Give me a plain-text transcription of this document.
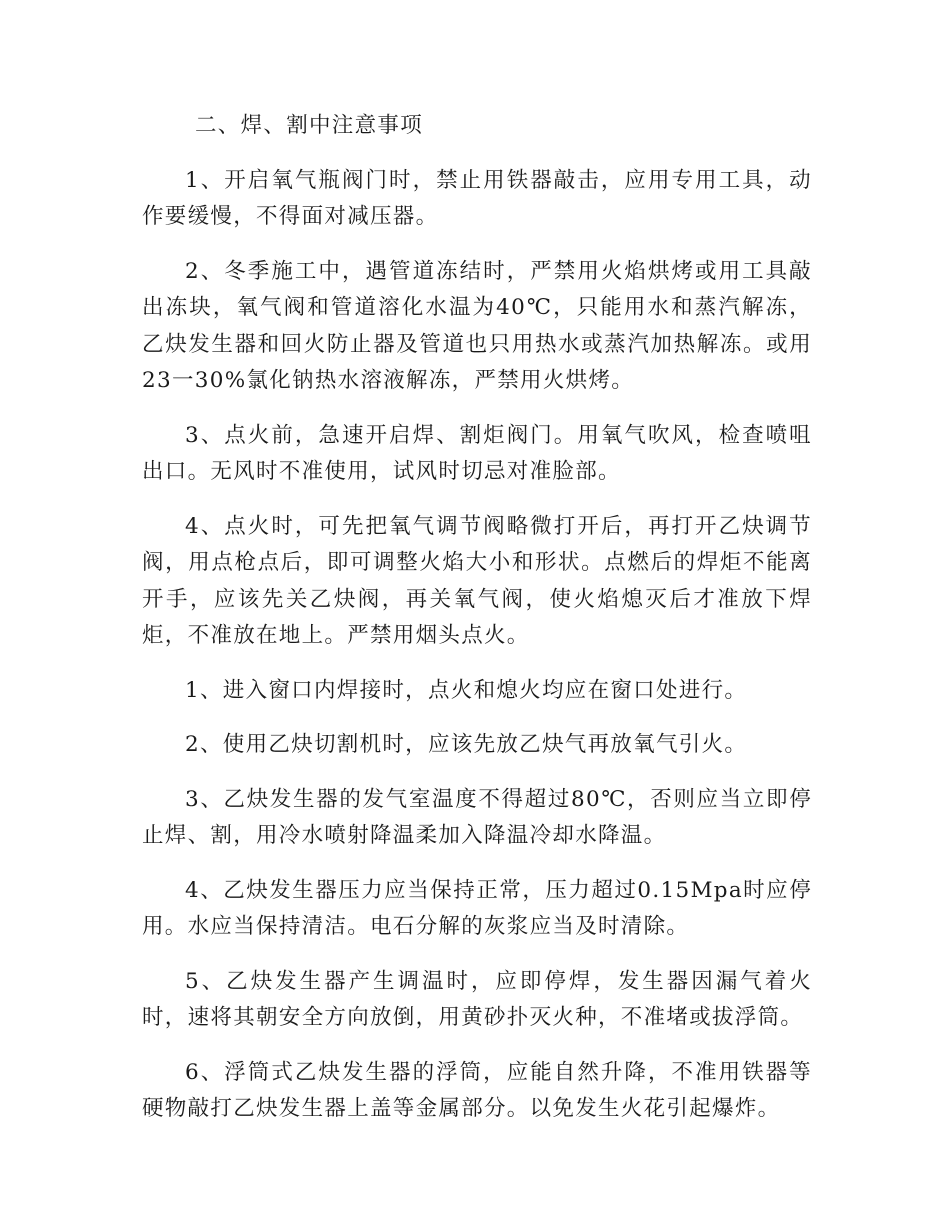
二、焊、割中注意事项

1、开启氧气瓶阀门时，禁止用铁器敲击，应用专用工具，动作要缓慢，不得面对减压器。

2、冬季施工中，遇管道冻结时，严禁用火焰烘烤或用工具敲出冻块，氧气阀和管道溶化水温为40℃，只能用水和蒸汽解冻，乙炔发生器和回火防止器及管道也只用热水或蒸汽加热解冻。或用23一30%氯化钠热水溶液解冻，严禁用火烘烤。

3、点火前，急速开启焊、割炬阀门。用氧气吹风，检查喷咀出口。无风时不准使用，试风时切忌对准脸部。

4、点火时，可先把氧气调节阀略微打开后，再打开乙炔调节阀，用点枪点后，即可调整火焰大小和形状。点燃后的焊炬不能离开手，应该先关乙炔阀，再关氧气阀，使火焰熄灭后才准放下焊炬，不准放在地上。严禁用烟头点火。

1、进入窗口内焊接时，点火和熄火均应在窗口处进行。

2、使用乙炔切割机时，应该先放乙炔气再放氧气引火。

3、乙炔发生器的发气室温度不得超过80℃，否则应当立即停止焊、割，用冷水喷射降温柔加入降温冷却水降温。

4、乙炔发生器压力应当保持正常，压力超过0.15Mpa时应停用。水应当保持清洁。电石分解的灰浆应当及时清除。

5、乙炔发生器产生调温时，应即停焊，发生器因漏气着火时，速将其朝安全方向放倒，用黄砂扑灭火种，不准堵或拔浮筒。

6、浮筒式乙炔发生器的浮筒，应能自然升降，不准用铁器等硬物敲打乙炔发生器上盖等金属部分。以免发生火花引起爆炸。
